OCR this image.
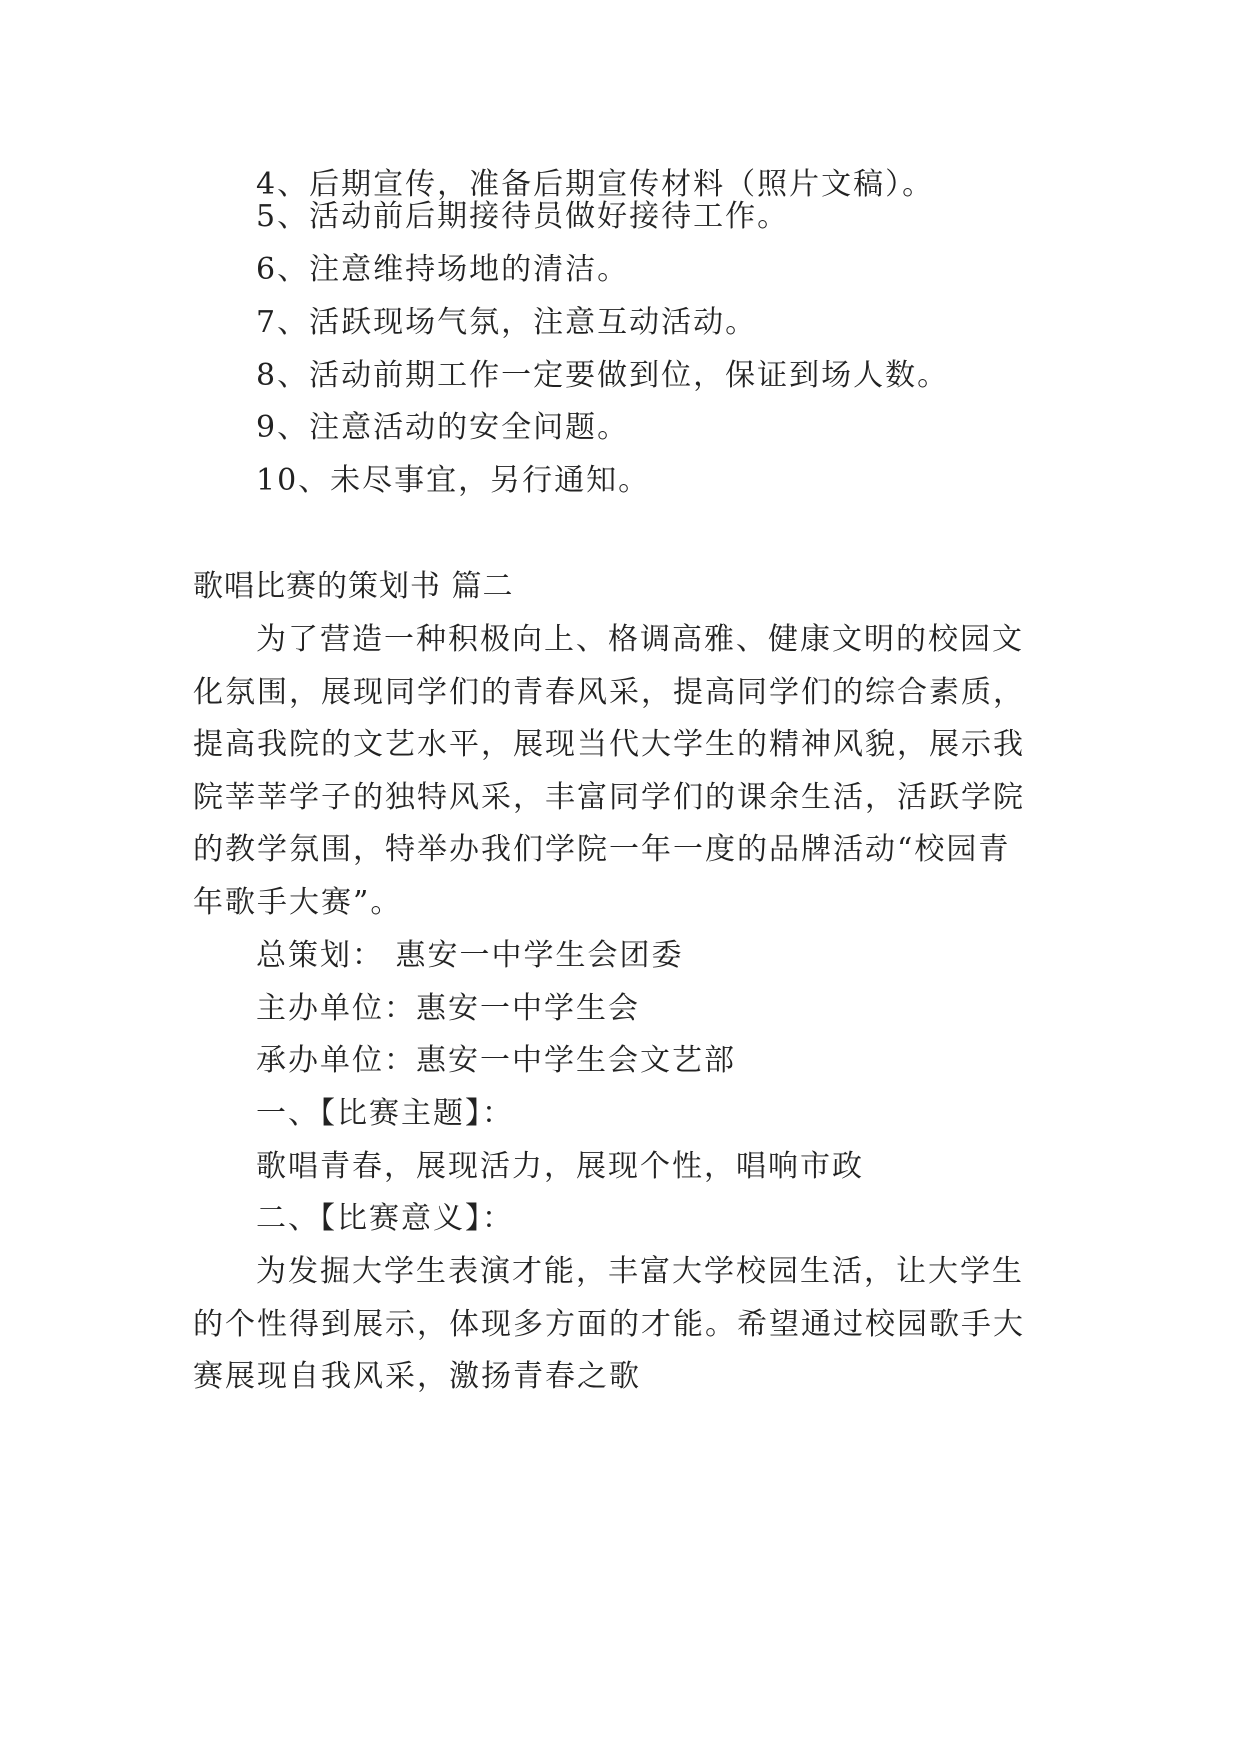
4、后期宣传，准备后期宣传材料（照片文稿）。
5、活动前后期接待员做好接待工作。
6、注意维持场地的清洁。
7、活跃现场气氛，注意互动活动。
8、活动前期工作一定要做到位，保证到场人数。
9、注意活动的安全问题。
10、未尽事宜，另行通知。
歌唱比赛的策划书 篇二
为了营造一种积极向上、格调高雅、健康文明的校园文
化氛围，展现同学们的青春风采，提高同学们的综合素质，
提高我院的文艺水平，展现当代大学生的精神风貌，展示我
院莘莘学子的独特风采，丰富同学们的课余生活，活跃学院
的教学氛围，特举办我们学院一年一度的品牌活动“校园青
年歌手大赛”。
总策划： 惠安一中学生会团委
主办单位：惠安一中学生会
承办单位：惠安一中学生会文艺部
一、【比赛主题】：
歌唱青春，展现活力，展现个性，唱响市政
二、【比赛意义】：
为发掘大学生表演才能，丰富大学校园生活，让大学生
的个性得到展示，体现多方面的才能。希望通过校园歌手大
赛展现自我风采，激扬青春之歌
